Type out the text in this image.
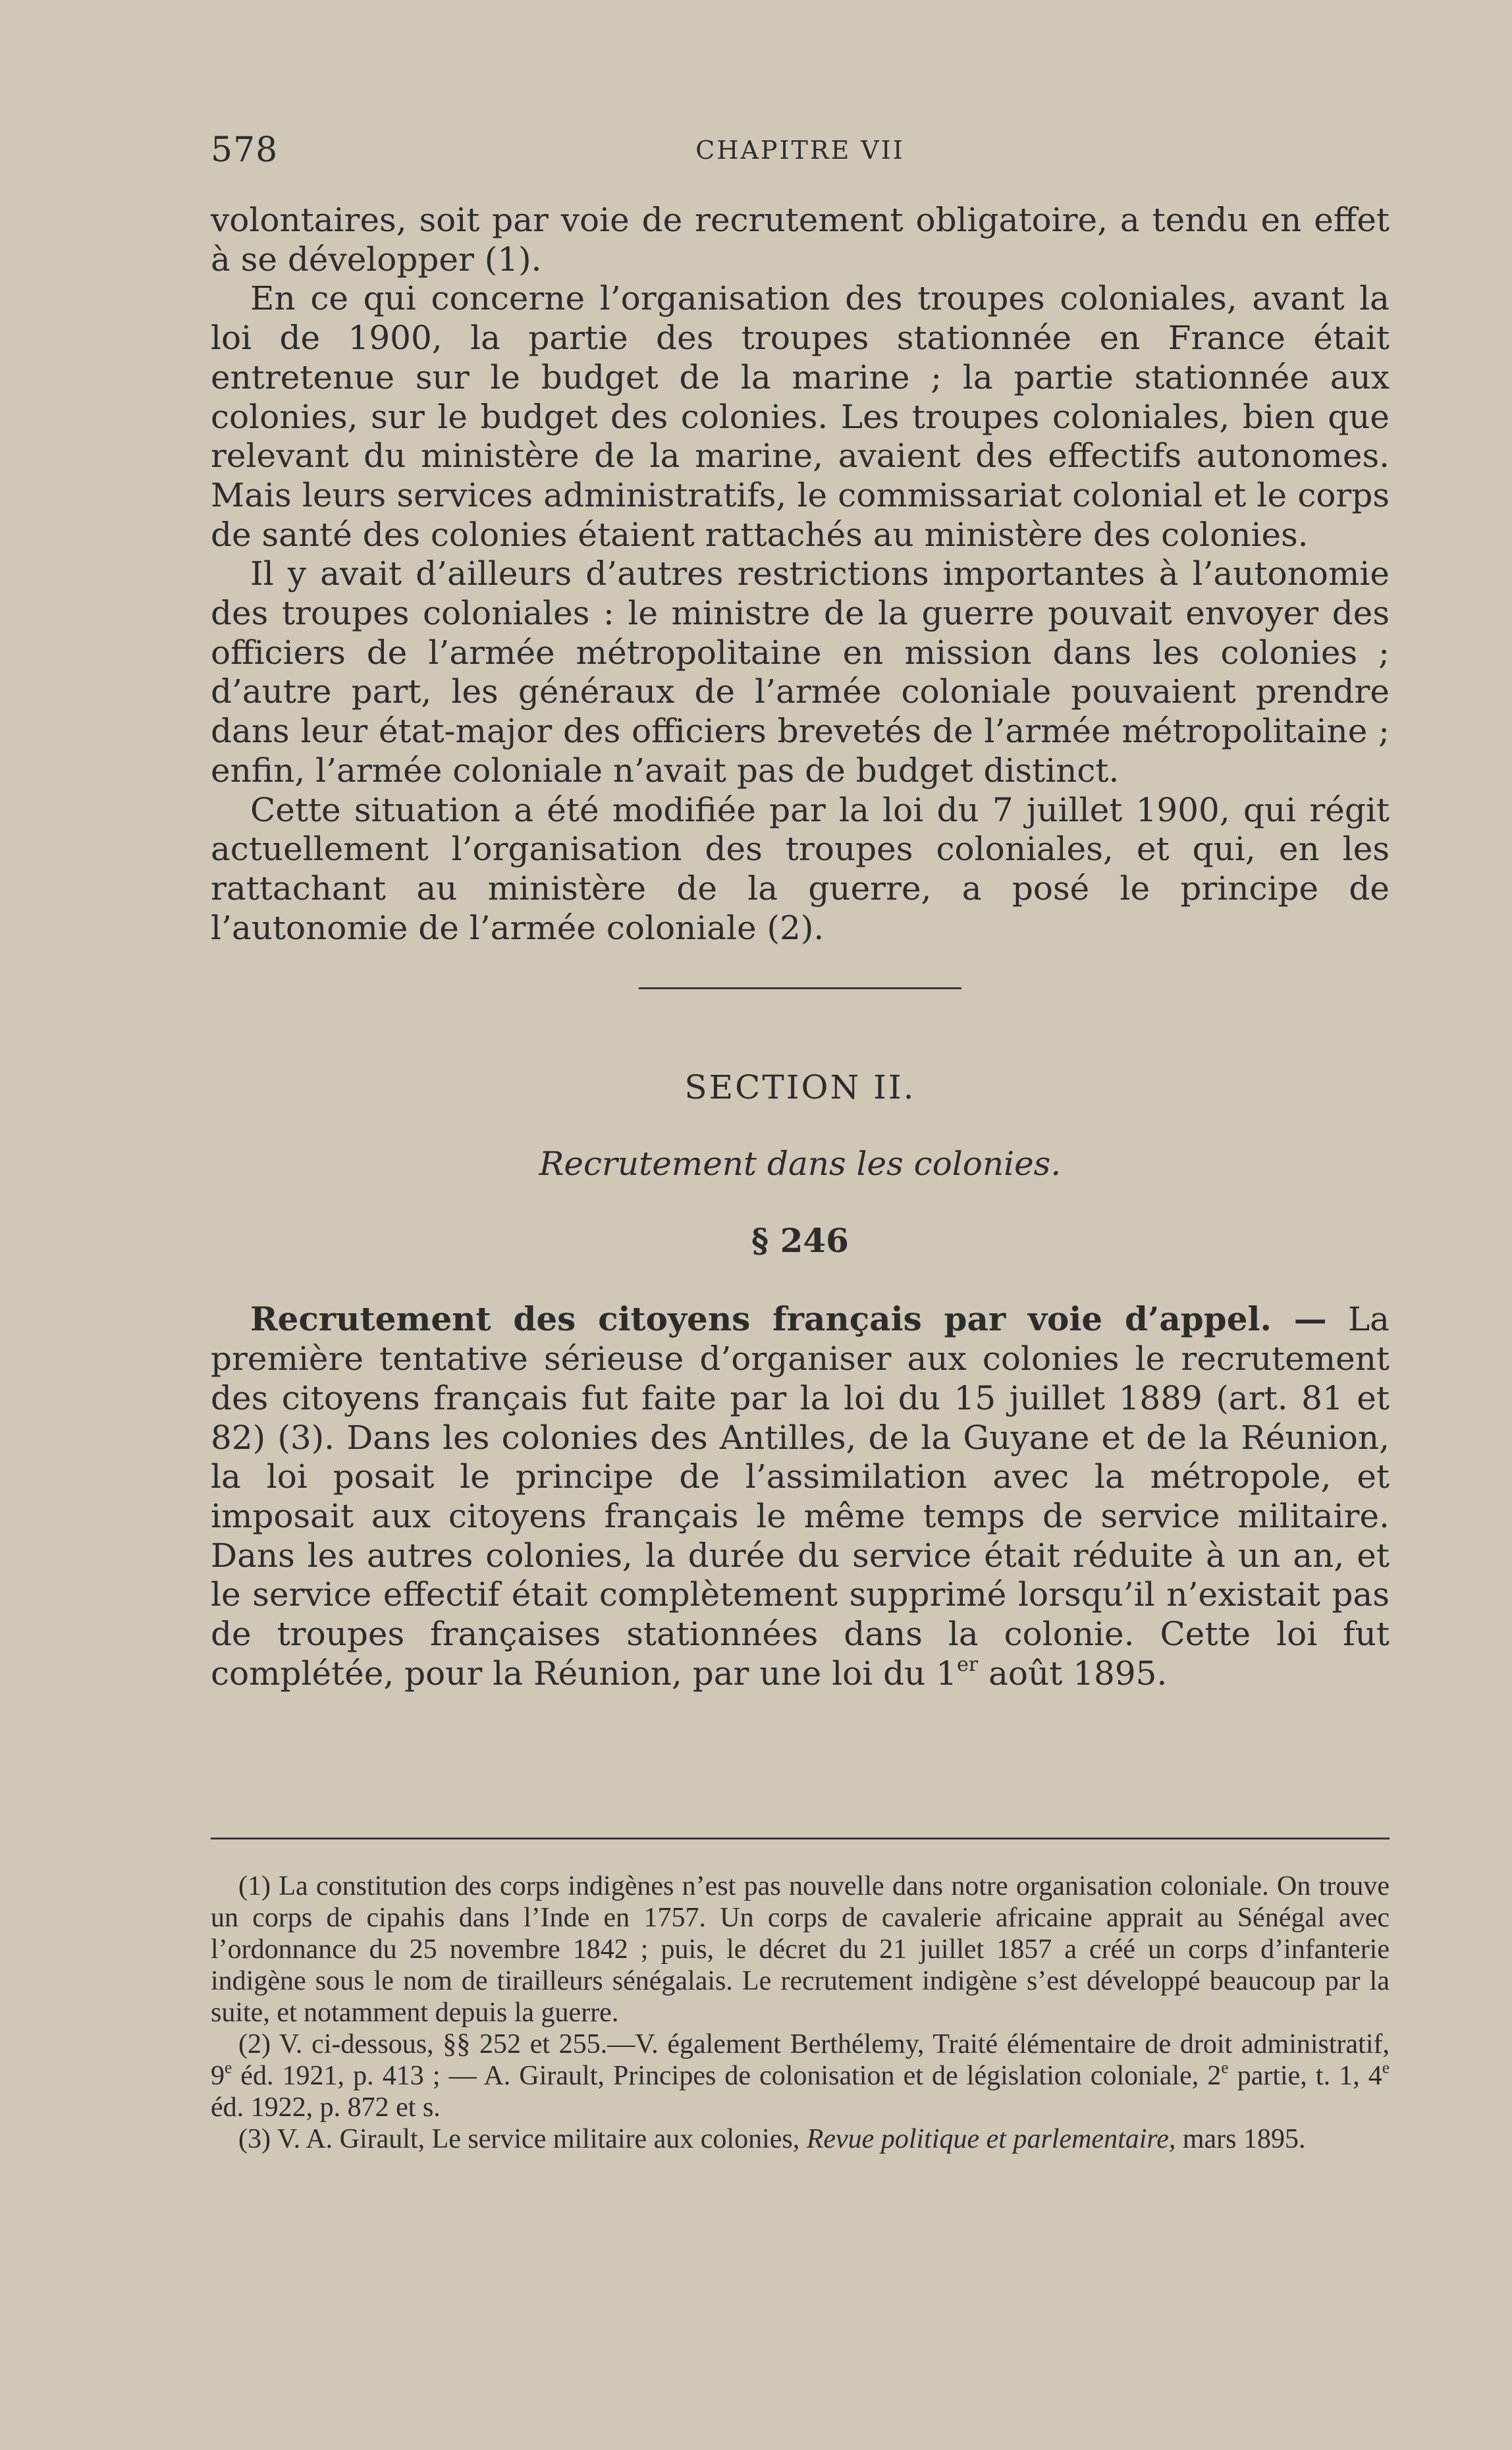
578	CHAPITRE VII

volontaires, soit par voie de recrutement obligatoire, a tendu en effet à se développer (1).

En ce qui concerne l’organisation des troupes coloniales, avant la loi de 1900, la partie des troupes stationnée en France était entretenue sur le budget de la marine ; la partie stationnée aux colonies, sur le budget des colonies. Les troupes coloniales, bien que relevant du ministère de la marine, avaient des effectifs autonomes. Mais leurs services administratifs, le commissariat colonial et le corps de santé des colonies étaient rattachés au ministère des colonies.

Il y avait d’ailleurs d’autres restrictions importantes à l’autonomie des troupes coloniales : le ministre de la guerre pouvait envoyer des officiers de l’armée métropolitaine en mission dans les colonies ; d’autre part, les généraux de l’armée coloniale pouvaient prendre dans leur état-major des officiers brevetés de l’armée métropolitaine ; enfin, l’armée coloniale n’avait pas de budget distinct.

Cette situation a été modifiée par la loi du 7 juillet 1900, qui régit actuellement l’organisation des troupes coloniales, et qui, en les rattachant au ministère de la guerre, a posé le principe de l’autonomie de l’armée coloniale (2).

SECTION II.
Recrutement dans les colonies.
§ 246

Recrutement des citoyens français par voie d’appel. — La première tentative sérieuse d’organiser aux colonies le recrutement des citoyens français fut faite par la loi du 15 juillet 1889 (art. 81 et 82) (3). Dans les colonies des Antilles, de la Guyane et de la Réunion, la loi posait le principe de l’assimilation avec la métropole, et imposait aux citoyens français le même temps de service militaire. Dans les autres colonies, la durée du service était réduite à un an, et le service effectif était complètement supprimé lorsqu’il n’existait pas de troupes françaises stationnées dans la colonie. Cette loi fut complétée, pour la Réunion, par une loi du 1er août 1895.

(1) La constitution des corps indigènes n’est pas nouvelle dans notre organisation coloniale. On trouve un corps de cipahis dans l’Inde en 1757. Un corps de cavalerie africaine apprait au Sénégal avec l’ordonnance du 25 novembre 1842 ; puis, le décret du 21 juillet 1857 a créé un corps d’infanterie indigène sous le nom de tirailleurs sénégalais. Le recrutement indigène s’est développé beaucoup par la suite, et notamment depuis la guerre.

(2) V. ci-dessous, §§ 252 et 255.—V. également Berthélemy, Traité élémentaire de droit administratif, 9e éd. 1921, p. 413 ; — A. Girault, Principes de colonisation et de législation coloniale, 2e partie, t. 1, 4e éd. 1922, p. 872 et s.

(3) V. A. Girault, Le service militaire aux colonies, Revue politique et parlementaire, mars 1895.
